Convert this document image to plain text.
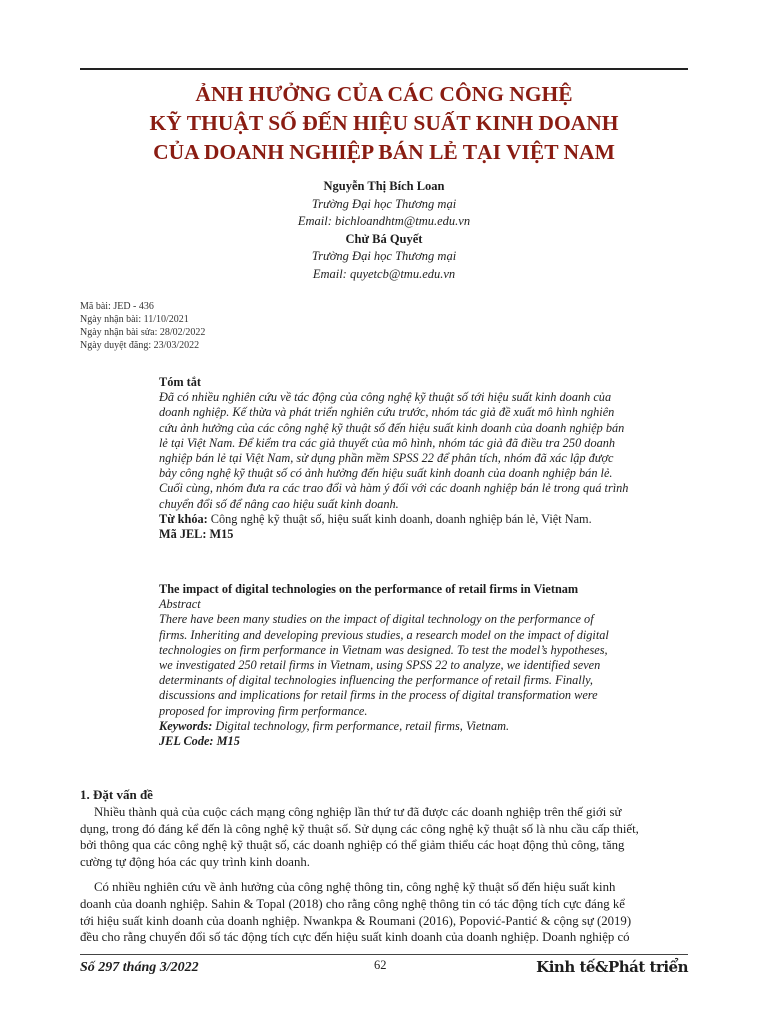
ẢNH HƯỞNG CỦA CÁC CÔNG NGHỆ
KỸ THUẬT SỐ ĐẾN HIỆU SUẤT KINH DOANH
CỦA DOANH NGHIỆP BÁN LẺ TẠI VIỆT NAM
Nguyễn Thị Bích Loan
Trường Đại học Thương mại
Email: bichloandhtm@tmu.edu.vn
Chử Bá Quyết
Trường Đại học Thương mại
Email: quyetcb@tmu.edu.vn
Mã bài: JED - 436
Ngày nhận bài: 11/10/2021
Ngày nhận bài sửa: 28/02/2022
Ngày duyệt đăng: 23/03/2022
Tóm tắt
Đã có nhiều nghiên cứu về tác động của công nghệ kỹ thuật số tới hiệu suất kinh doanh của
doanh nghiệp. Kế thừa và phát triển nghiên cứu trước, nhóm tác giả đề xuất mô hình nghiên
cứu ảnh hưởng của các công nghệ kỹ thuật số đến hiệu suất kinh doanh của doanh nghiệp bán
lẻ tại Việt Nam. Để kiểm tra các giả thuyết của mô hình, nhóm tác giả đã điều tra 250 doanh
nghiệp bán lẻ tại Việt Nam, sử dụng phần mềm SPSS 22 để phân tích, nhóm đã xác lập được
bảy công nghệ kỹ thuật số có ảnh hưởng đến hiệu suất kinh doanh của doanh nghiệp bán lẻ.
Cuối cùng, nhóm đưa ra các trao đổi và hàm ý đối với các doanh nghiệp bán lẻ trong quá trình
chuyển đổi số để nâng cao hiệu suất kinh doanh.
Từ khóa: Công nghệ kỹ thuật số, hiệu suất kinh doanh, doanh nghiệp bán lẻ, Việt Nam.
Mã JEL: M15
The impact of digital technologies on the performance of retail firms in Vietnam
Abstract
There have been many studies on the impact of digital technology on the performance of
firms. Inheriting and developing previous studies, a research model on the impact of digital
technologies on firm performance in Vietnam was designed. To test the model’s hypotheses,
we investigated 250 retail firms in Vietnam, using SPSS 22 to analyze, we identified seven
determinants of digital technologies influencing the performance of retail firms. Finally,
discussions and implications for retail firms in the process of digital transformation were
proposed for improving firm performance.
Keywords: Digital technology, firm performance, retail firms, Vietnam.
JEL Code: M15
1. Đặt vấn đề
Nhiều thành quả của cuộc cách mạng công nghiệp lần thứ tư đã được các doanh nghiệp trên thế giới sử
dụng, trong đó đáng kể đến là công nghệ kỹ thuật số. Sử dụng các công nghệ kỹ thuật số là nhu cầu cấp thiết,
bởi thông qua các công nghệ kỹ thuật số, các doanh nghiệp có thể giảm thiểu các hoạt động thủ công, tăng
cường tự động hóa các quy trình kinh doanh.
Có nhiều nghiên cứu về ảnh hưởng của công nghệ thông tin, công nghệ kỹ thuật số đến hiệu suất kinh
doanh của doanh nghiệp. Sahin & Topal (2018) cho rằng công nghệ thông tin có tác động tích cực đáng kể
tới hiệu suất kinh doanh của doanh nghiệp. Nwankpa & Roumani (2016), Popović-Pantić & cộng sự (2019)
đều cho rằng chuyển đổi số tác động tích cực đến hiệu suất kinh doanh của doanh nghiệp. Doanh nghiệp có
Số 297 tháng 3/2022	62	Kinh tế&Phát triển
